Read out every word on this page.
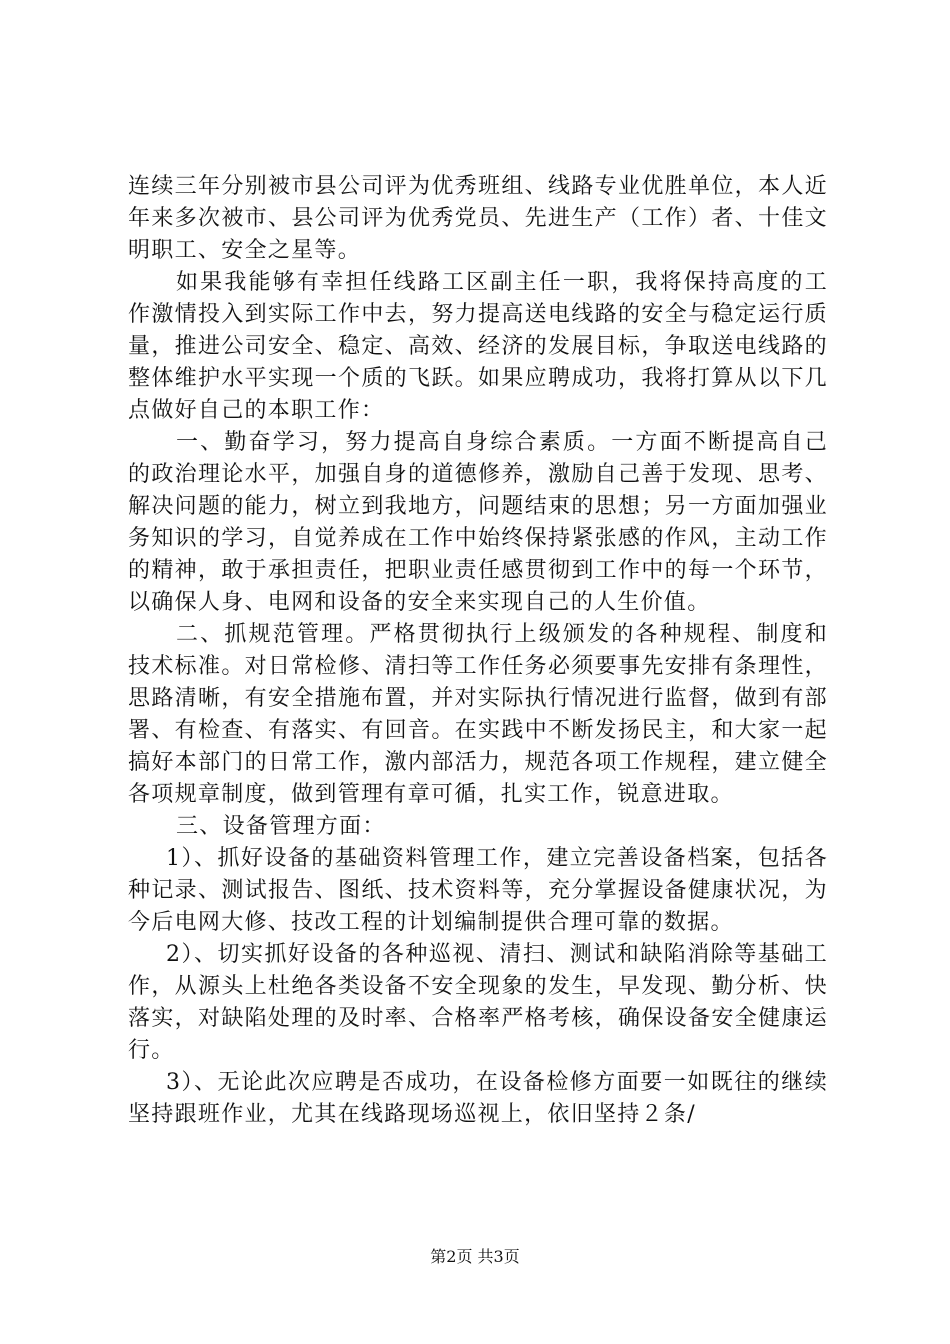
连续三年分别被市县公司评为优秀班组、线路专业优胜单位，本人近年来多次被市、县公司评为优秀党员、先进生产（工作）者、十佳文明职工、安全之星等。

如果我能够有幸担任线路工区副主任一职，我将保持高度的工作激情投入到实际工作中去，努力提高送电线路的安全与稳定运行质量，推进公司安全、稳定、高效、经济的发展目标，争取送电线路的整体维护水平实现一个质的飞跃。如果应聘成功，我将打算从以下几点做好自己的本职工作：

一、勤奋学习，努力提高自身综合素质。一方面不断提高自己的政治理论水平，加强自身的道德修养，激励自己善于发现、思考、解决问题的能力，树立到我地方，问题结束的思想；另一方面加强业务知识的学习，自觉养成在工作中始终保持紧张感的作风，主动工作的精神，敢于承担责任，把职业责任感贯彻到工作中的每一个环节，以确保人身、电网和设备的安全来实现自己的人生价值。

二、抓规范管理。严格贯彻执行上级颁发的各种规程、制度和技术标准。对日常检修、清扫等工作任务必须要事先安排有条理性，思路清晰，有安全措施布置，并对实际执行情况进行监督，做到有部署、有检查、有落实、有回音。在实践中不断发扬民主，和大家一起搞好本部门的日常工作，激内部活力，规范各项工作规程，建立健全各项规章制度，做到管理有章可循，扎实工作，锐意进取。

三、设备管理方面：

1）、抓好设备的基础资料管理工作，建立完善设备档案，包括各种记录、测试报告、图纸、技术资料等，充分掌握设备健康状况，为今后电网大修、技改工程的计划编制提供合理可靠的数据。

2）、切实抓好设备的各种巡视、清扫、测试和缺陷消除等基础工作，从源头上杜绝各类设备不安全现象的发生，早发现、勤分析、快落实，对缺陷处理的及时率、合格率严格考核，确保设备安全健康运行。

3）、无论此次应聘是否成功，在设备检修方面要一如既往的继续坚持跟班作业，尤其在线路现场巡视上，依旧坚持２条/

第2页 共3页
